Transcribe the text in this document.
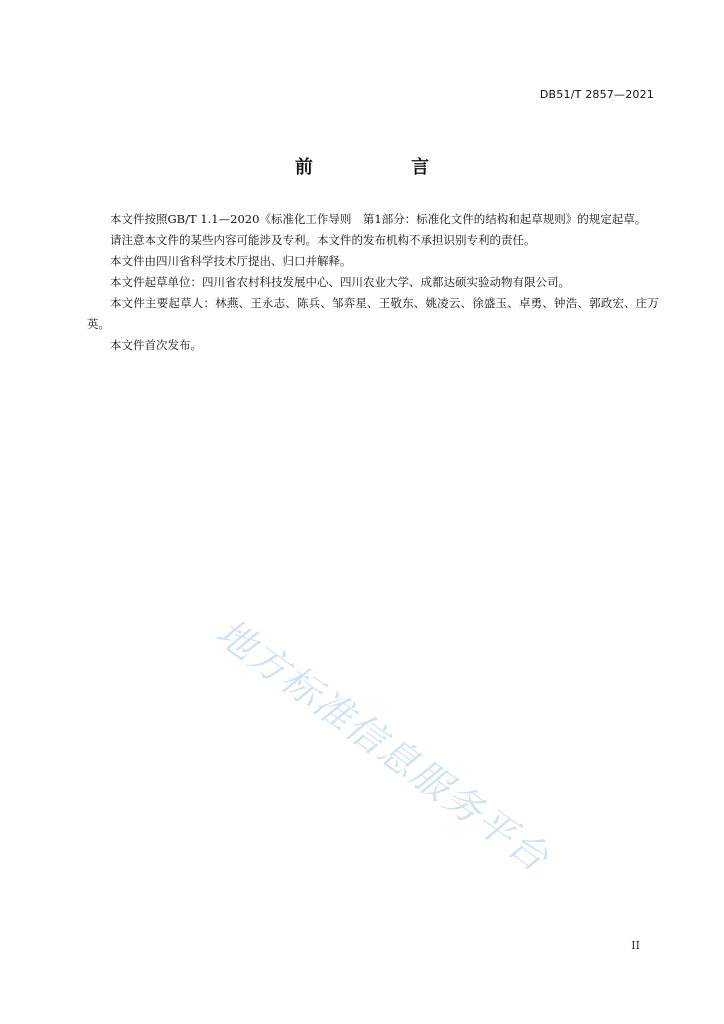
DB51/T 2857—2021
前 言

本文件按照GB/T 1.1—2020《标准化工作导则　第1部分：标准化文件的结构和起草规则》的规定起草。

请注意本文件的某些内容可能涉及专利。本文件的发布机构不承担识别专利的责任。

本文件由四川省科学技术厅提出、归口并解释。

本文件起草单位：四川省农村科技发展中心、四川农业大学、成都达硕实验动物有限公司。

本文件主要起草人：林燕、王永志、陈兵、邹弈星、王敬东、姚凌云、徐盛玉、卓勇、钟浩、郭政宏、庄万英。

本文件首次发布。

地方标准信息服务平台
II
